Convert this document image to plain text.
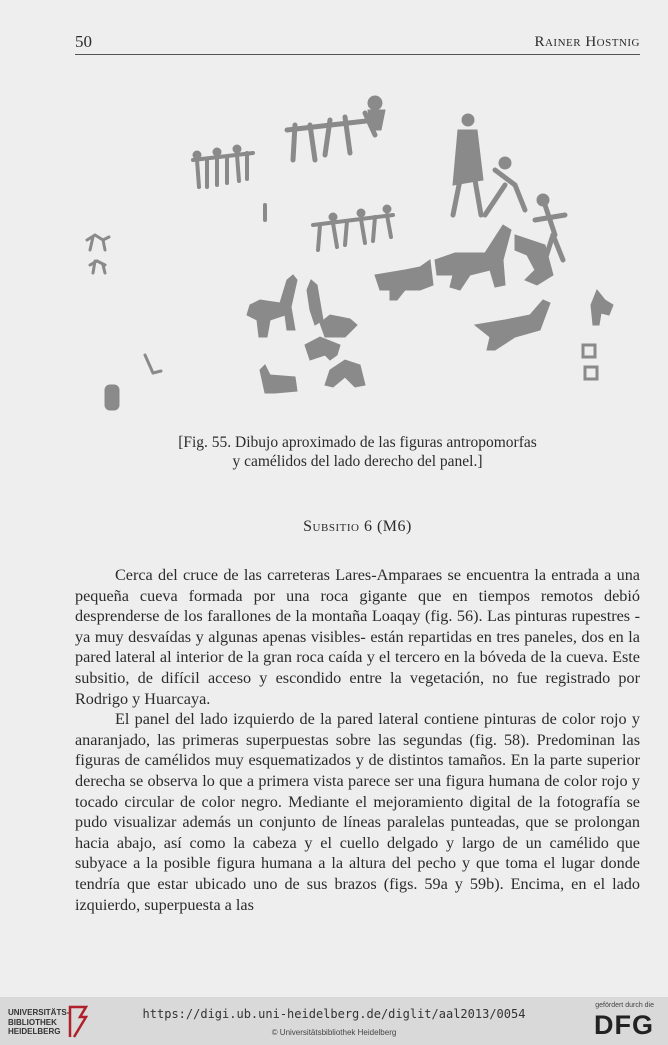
50	Rainer Hostnig
[Fig. 55. Dibujo aproximado de las figuras antropomorfas
y camélidos del lado derecho del panel.]
Subsitio 6 (M6)

Cerca del cruce de las carreteras Lares-Amparaes se encuentra la entrada a una pequeña cueva formada por una roca gigante que en tiempos remotos debió desprenderse de los farallones de la montaña Loaqay (fig. 56). Las pinturas rupestres -ya muy desvaídas y algunas apenas visibles- están repartidas en tres paneles, dos en la pared lateral al interior de la gran roca caída y el tercero en la bóveda de la cueva. Este subsitio, de difícil acceso y escondido entre la vegetación, no fue registrado por Rodrigo y Huarcaya.

El panel del lado izquierdo de la pared lateral contiene pinturas de color rojo y anaranjado, las primeras superpuestas sobre las segundas (fig. 58). Predominan las figuras de camélidos muy esquematizados y de distintos tamaños. En la parte superior derecha se observa lo que a primera vista parece ser una figura humana de color rojo y tocado circular de color negro. Mediante el mejoramiento digital de la fotografía se pudo visualizar además un conjunto de líneas paralelas punteadas, que se prolongan hacia abajo, así como la cabeza y el cuello delgado y largo de un camélido que subyace a la posible figura humana a la altura del pecho y que toma el lugar donde tendría que estar ubicado uno de sus brazos (figs. 59a y 59b). Encima, en el lado izquierdo, superpuesta a las

UNIVERSITÄTS-
BIBLIOTHEK
HEIDELBERG
https://digi.ub.uni-heidelberg.de/diglit/aal2013/0054
© Universitätsbibliothek Heidelberg
gefördert durch die
DFG
